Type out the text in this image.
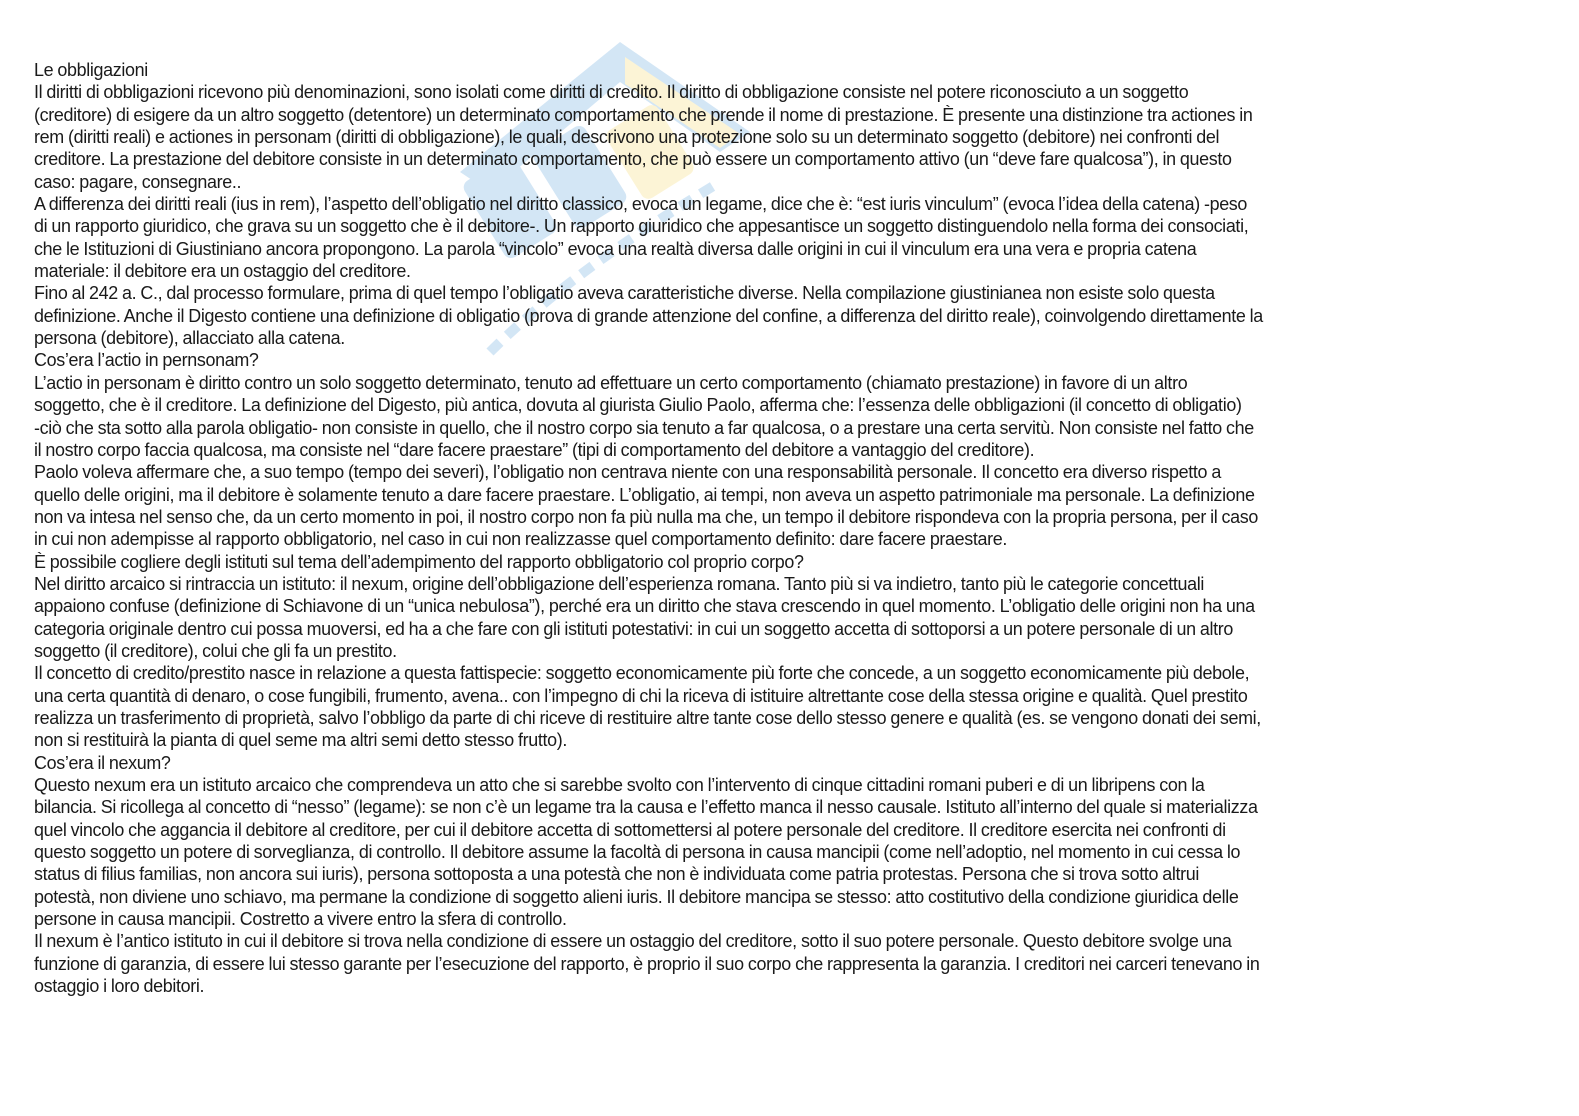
Le obbligazioni
Il diritti di obbligazioni ricevono più denominazioni, sono isolati come diritti di credito. Il diritto di obbligazione consiste nel potere riconosciuto a un soggetto
(creditore) di esigere da un altro soggetto (detentore) un determinato comportamento che prende il nome di prestazione. È presente una distinzione tra actiones in
rem (diritti reali) e actiones in personam (diritti di obbligazione), le quali, descrivono una protezione solo su un determinato soggetto (debitore) nei confronti del
creditore. La prestazione del debitore consiste in un determinato comportamento, che può essere un comportamento attivo (un “deve fare qualcosa”), in questo
caso: pagare, consegnare..
A differenza dei diritti reali (ius in rem), l’aspetto dell’obligatio nel diritto classico, evoca un legame, dice che è: “est iuris vinculum” (evoca l’idea della catena) -peso
di un rapporto giuridico, che grava su un soggetto che è il debitore-. Un rapporto giuridico che appesantisce un soggetto distinguendolo nella forma dei consociati,
che le Istituzioni di Giustiniano ancora propongono. La parola “vincolo” evoca una realtà diversa dalle origini in cui il vinculum era una vera e propria catena
materiale: il debitore era un ostaggio del creditore.
Fino al 242 a. C., dal processo formulare, prima di quel tempo l’obligatio aveva caratteristiche diverse. Nella compilazione giustinianea non esiste solo questa
definizione. Anche il Digesto contiene una definizione di obligatio (prova di grande attenzione del confine, a differenza del diritto reale), coinvolgendo direttamente la
persona (debitore), allacciato alla catena.
Cos’era l’actio in pernsonam?
L’actio in personam è diritto contro un solo soggetto determinato, tenuto ad effettuare un certo comportamento (chiamato prestazione) in favore di un altro
soggetto, che è il creditore. La definizione del Digesto, più antica, dovuta al giurista Giulio Paolo, afferma che: l’essenza delle obbligazioni (il concetto di obligatio)
-ciò che sta sotto alla parola obligatio- non consiste in quello, che il nostro corpo sia tenuto a far qualcosa, o a prestare una certa servitù. Non consiste nel fatto che
il nostro corpo faccia qualcosa, ma consiste nel “dare facere praestare” (tipi di comportamento del debitore a vantaggio del creditore).
Paolo voleva affermare che, a suo tempo (tempo dei severi), l’obligatio non centrava niente con una responsabilità personale. Il concetto era diverso rispetto a
quello delle origini, ma il debitore è solamente tenuto a dare facere praestare. L’obligatio, ai tempi, non aveva un aspetto patrimoniale ma personale. La definizione
non va intesa nel senso che, da un certo momento in poi, il nostro corpo non fa più nulla ma che, un tempo il debitore rispondeva con la propria persona, per il caso
in cui non adempisse al rapporto obbligatorio, nel caso in cui non realizzasse quel comportamento definito: dare facere praestare.
È possibile cogliere degli istituti sul tema dell’adempimento del rapporto obbligatorio col proprio corpo?
Nel diritto arcaico si rintraccia un istituto: il nexum, origine dell’obbligazione dell’esperienza romana. Tanto più si va indietro, tanto più le categorie concettuali
appaiono confuse (definizione di Schiavone di un “unica nebulosa”), perché era un diritto che stava crescendo in quel momento. L’obligatio delle origini non ha una
categoria originale dentro cui possa muoversi, ed ha a che fare con gli istituti potestativi: in cui un soggetto accetta di sottoporsi a un potere personale di un altro
soggetto (il creditore), colui che gli fa un prestito.
Il concetto di credito/prestito nasce in relazione a questa fattispecie: soggetto economicamente più forte che concede, a un soggetto economicamente più debole,
una certa quantità di denaro, o cose fungibili, frumento, avena.. con l’impegno di chi la riceva di istituire altrettante cose della stessa origine e qualità. Quel prestito
realizza un trasferimento di proprietà, salvo l’obbligo da parte di chi riceve di restituire altre tante cose dello stesso genere e qualità (es. se vengono donati dei semi,
non si restituirà la pianta di quel seme ma altri semi detto stesso frutto).
Cos’era il nexum?
Questo nexum era un istituto arcaico che comprendeva un atto che si sarebbe svolto con l’intervento di cinque cittadini romani puberi e di un libripens con la
bilancia. Si ricollega al concetto di “nesso” (legame): se non c’è un legame tra la causa e l’effetto manca il nesso causale. Istituto all’interno del quale si materializza
quel vincolo che aggancia il debitore al creditore, per cui il debitore accetta di sottomettersi al potere personale del creditore. Il creditore esercita nei confronti di
questo soggetto un potere di sorveglianza, di controllo. Il debitore assume la facoltà di persona in causa mancipii (come nell’adoptio, nel momento in cui cessa lo
status di filius familias, non ancora sui iuris), persona sottoposta a una potestà che non è individuata come patria protestas. Persona che si trova sotto altrui
potestà, non diviene uno schiavo, ma permane la condizione di soggetto alieni iuris. Il debitore mancipa se stesso: atto costitutivo della condizione giuridica delle
persone in causa mancipii. Costretto a vivere entro la sfera di controllo.
Il nexum è l’antico istituto in cui il debitore si trova nella condizione di essere un ostaggio del creditore, sotto il suo potere personale. Questo debitore svolge una
funzione di garanzia, di essere lui stesso garante per l’esecuzione del rapporto, è proprio il suo corpo che rappresenta la garanzia. I creditori nei carceri tenevano in
ostaggio i loro debitori.
